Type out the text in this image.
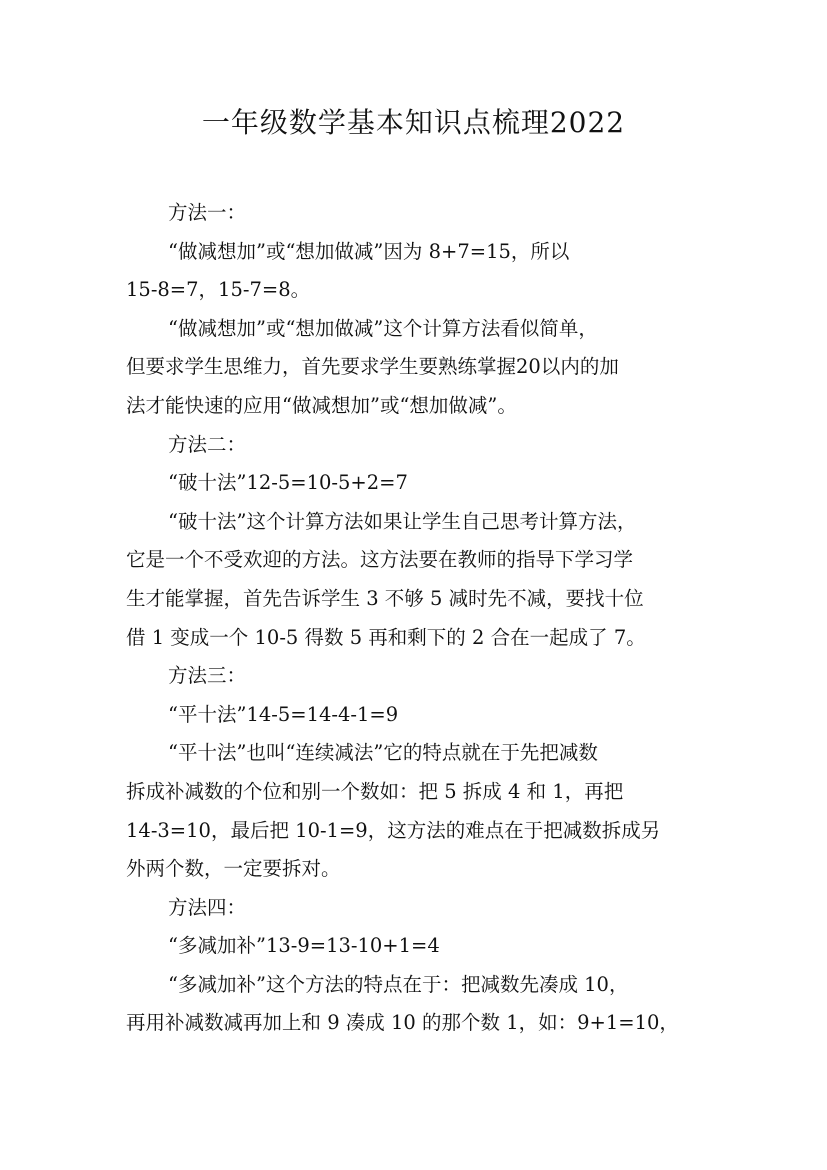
一年级数学基本知识点梳理2022
方法一：
“做减想加”或“想加做减”因为 8+7=15，所以
15-8=7，15-7=8。
“做减想加”或“想加做减”这个计算方法看似简单，
但要求学生思维力，首先要求学生要熟练掌握20以内的加
法才能快速的应用“做减想加”或“想加做减”。
方法二：
“破十法”12-5=10-5+2=7
“破十法”这个计算方法如果让学生自己思考计算方法，
它是一个不受欢迎的方法。这方法要在教师的指导下学习学
生才能掌握，首先告诉学生 3 不够 5 减时先不减，要找十位
借 1 变成一个 10-5 得数 5 再和剩下的 2 合在一起成了 7。
方法三：
“平十法”14-5=14-4-1=9
“平十法”也叫“连续减法”它的特点就在于先把减数
拆成补减数的个位和别一个数如：把 5 拆成 4 和 1，再把
14-3=10，最后把 10-1=9，这方法的难点在于把减数拆成另
外两个数，一定要拆对。
方法四：
“多减加补”13-9=13-10+1=4
“多减加补”这个方法的特点在于：把减数先凑成 10，
再用补减数减再加上和 9 凑成 10 的那个数 1，如：9+1=10，
